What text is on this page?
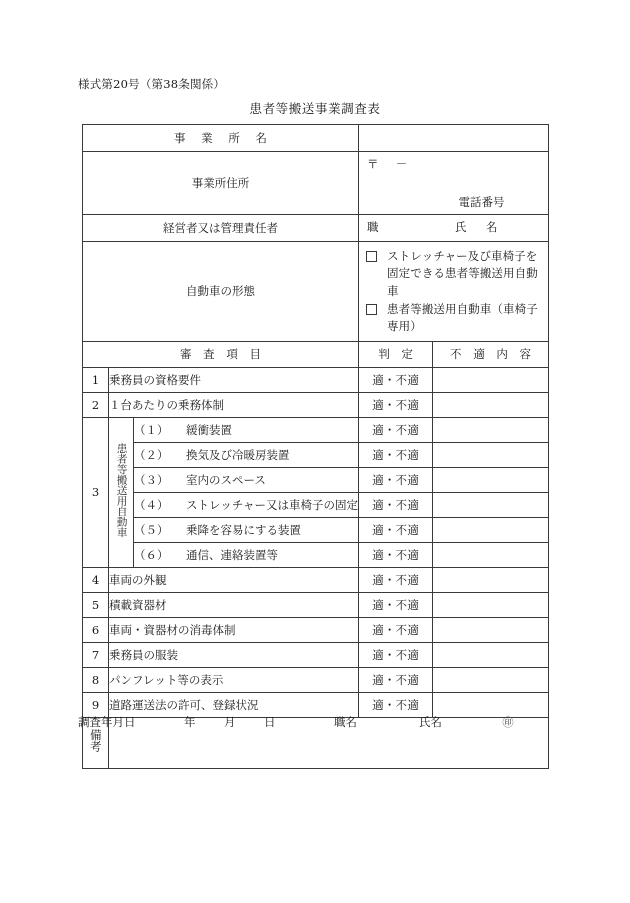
様式第20号（第38条関係）
患者等搬送事業調査表
事 業 所 名				
事業所住所			〒 －
電話番号	

経営者又は管理責任者			職 氏　名	

自動車の形態			ストレッチャー及び車椅子を固定できる患者等搬送用自動車
患者等搬送用自動車（車椅子専用）	

審 査 項 目			判 定	不 適 内 容
1	乗務員の資格要件		適・不適	
2	１台あたりの乗務体制		適・不適	
3	患者等搬送用自動車	（１） 緩衝装置	適・不適	
		（２） 換気及び冷暖房装置	適・不適	
		（３） 室内のスペース	適・不適	
		（４） ストレッチャー又は車椅子の固定	適・不適	
		（５） 乗降を容易にする装置	適・不適	
		（６） 通信、連絡装置等	適・不適	
4	車両の外観		適・不適	
5	積載資器材		適・不適	
6	車両・資器材の消毒体制		適・不適	
7	乗務員の服装		適・不適	
8	パンフレット等の表示		適・不適	
9	道路運送法の許可、登録状況		適・不適	
備考				
調査年月日	年 月 日	職名	氏名	㊞
